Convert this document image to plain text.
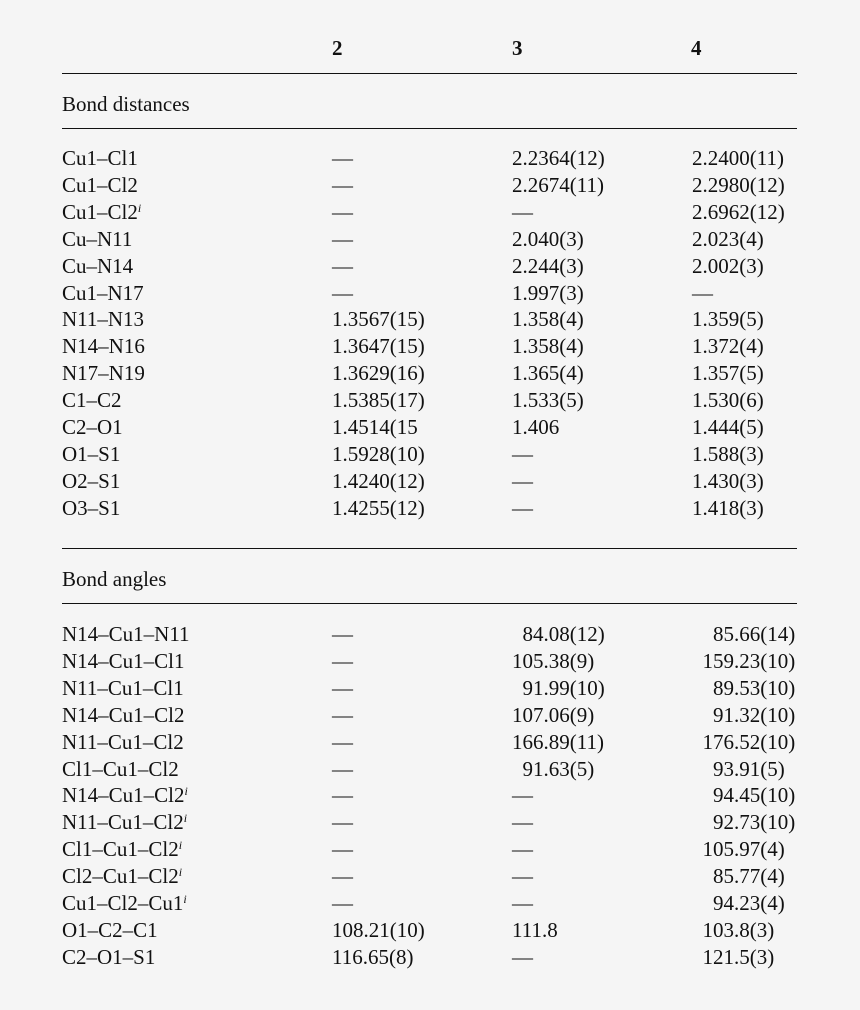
2	3	4
Bond distances
Cu1–Cl1	—	2.2364(12)	2.2400(11)
Cu1–Cl2	—	2.2674(11)	2.2980(12)
Cu1–Cl2$^i$	—	—	2.6962(12)
Cu–N11	—	2.040(3)	2.023(4)
Cu–N14	—	2.244(3)	2.002(3)
Cu1–N17	—	1.997(3)	—
N11–N13	1.3567(15)	1.358(4)	1.359(5)
N14–N16	1.3647(15)	1.358(4)	1.372(4)
N17–N19	1.3629(16)	1.365(4)	1.357(5)
C1–C2	1.5385(17)	1.533(5)	1.530(6)
C2–O1	1.4514(15	1.406	1.444(5)
O1–S1	1.5928(10)	—	1.588(3)
O2–S1	1.4240(12)	—	1.430(3)
O3–S1	1.4255(12)	—	1.418(3)
Bond angles
N14–Cu1–N11	—	84.08(12)	85.66(14)
N14–Cu1–Cl1	—	105.38(9)	159.23(10)
N11–Cu1–Cl1	—	91.99(10)	89.53(10)
N14–Cu1–Cl2	—	107.06(9)	91.32(10)
N11–Cu1–Cl2	—	166.89(11)	176.52(10)
Cl1–Cu1–Cl2	—	91.63(5)	93.91(5)
N14–Cu1–Cl2$^i$	—	—	94.45(10)
N11–Cu1–Cl2$^i$	—	—	92.73(10)
Cl1–Cu1–Cl2$^i$	—	—	105.97(4)
Cl2–Cu1–Cl2$^i$	—	—	85.77(4)
Cu1–Cl2–Cu1$^i$	—	—	94.23(4)
O1–C2–C1	108.21(10)	111.8	103.8(3)
C2–O1–S1	116.65(8)	—	121.5(3)
